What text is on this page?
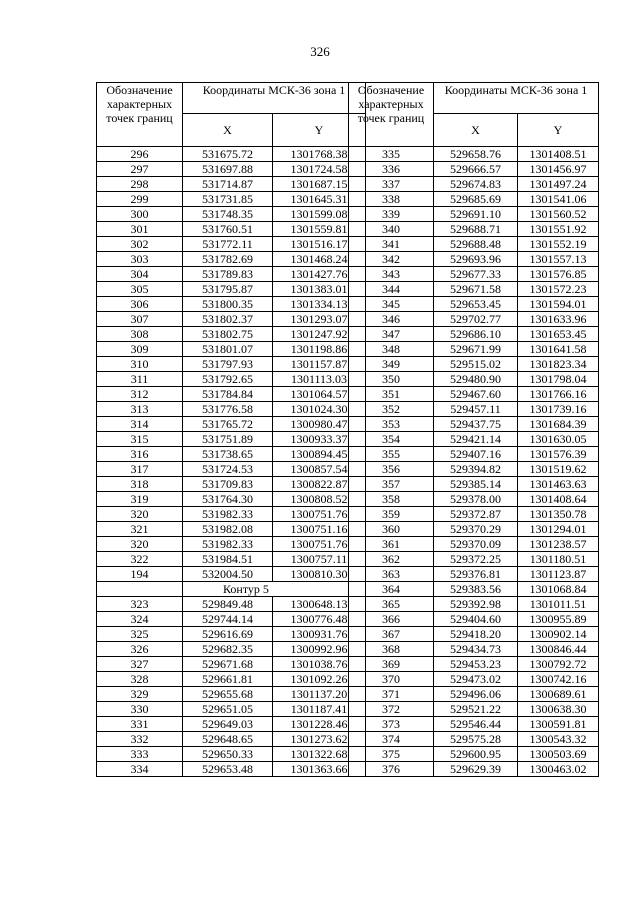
326
Обозначение характерных точек границ	Координаты МСК-36 зона 1	
	X	Y
296	531675.72	1301768.38
297	531697.88	1301724.58
298	531714.87	1301687.15
299	531731.85	1301645.31
300	531748.35	1301599.08
301	531760.51	1301559.81
302	531772.11	1301516.17
303	531782.69	1301468.24
304	531789.83	1301427.76
305	531795.87	1301383.01
306	531800.35	1301334.13
307	531802.37	1301293.07
308	531802.75	1301247.92
309	531801.07	1301198.86
310	531797.93	1301157.87
311	531792.65	1301113.03
312	531784.84	1301064.57
313	531776.58	1301024.30
314	531765.72	1300980.47
315	531751.89	1300933.37
316	531738.65	1300894.45
317	531724.53	1300857.54
318	531709.83	1300822.87
319	531764.30	1300808.52
320	531982.33	1300751.76
321	531982.08	1300751.16
320	531982.33	1300751.76
322	531984.51	1300757.11
194	532004.50	1300810.30
	Контур 5	
323	529849.48	1300648.13
324	529744.14	1300776.48
325	529616.69	1300931.76
326	529682.35	1300992.96
327	529671.68	1301038.76
328	529661.81	1301092.26
329	529655.68	1301137.20
330	529651.05	1301187.41
331	529649.03	1301228.46
332	529648.65	1301273.62
333	529650.33	1301322.68
334	529653.48	1301363.66
Обозначение характерных точек границ	Координаты МСК-36 зона 1	
	X	Y
335	529658.76	1301408.51
336	529666.57	1301456.97
337	529674.83	1301497.24
338	529685.69	1301541.06
339	529691.10	1301560.52
340	529688.71	1301551.92
341	529688.48	1301552.19
342	529693.96	1301557.13
343	529677.33	1301576.85
344	529671.58	1301572.23
345	529653.45	1301594.01
346	529702.77	1301633.96
347	529686.10	1301653.45
348	529671.99	1301641.58
349	529515.02	1301823.34
350	529480.90	1301798.04
351	529467.60	1301766.16
352	529457.11	1301739.16
353	529437.75	1301684.39
354	529421.14	1301630.05
355	529407.16	1301576.39
356	529394.82	1301519.62
357	529385.14	1301463.63
358	529378.00	1301408.64
359	529372.87	1301350.78
360	529370.29	1301294.01
361	529370.09	1301238.57
362	529372.25	1301180.51
363	529376.81	1301123.87
364	529383.56	1301068.84
365	529392.98	1301011.51
366	529404.60	1300955.89
367	529418.20	1300902.14
368	529434.73	1300846.44
369	529453.23	1300792.72
370	529473.02	1300742.16
371	529496.06	1300689.61
372	529521.22	1300638.30
373	529546.44	1300591.81
374	529575.28	1300543.32
375	529600.95	1300503.69
376	529629.39	1300463.02
